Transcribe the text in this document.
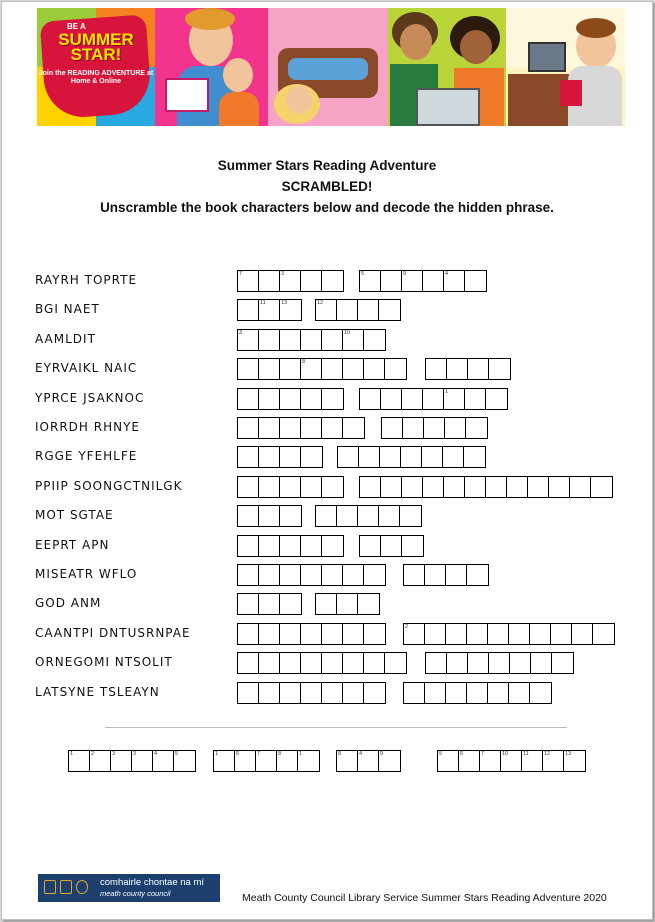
BE A
SUMMER STAR!
Join the READING ADVENTURE at Home & Online
Summer Stars Reading Adventure
SCRAMBLED!
Unscramble the book characters below and decode the hidden phrase.
RAYRH TOPRTE	7	3	5	9	4
BGI NAET	11	13	12
AAMLDIT	3	10
EYRVAIKL NAIC	8
YPRCE JSAKNOC	1
IORRDH RHNYE
RGGE YFEHLFE
PPIIP SOONGCTNILGK
MOT SGTAE
EEPRT APN
MISEATR WFLO
GOD ANM
CAANTPI DNTUSRNPAE	2
ORNEGOMI NTSOLIT
LATSYNE TSLEAYN
1	2	3	3	4	5	1	6	7	8	1	8	4	9	5	6	7	10	11	12	13
comhairle chontae na mí
meath county council	Meath County Council Library Service Summer Stars Reading Adventure 2020
